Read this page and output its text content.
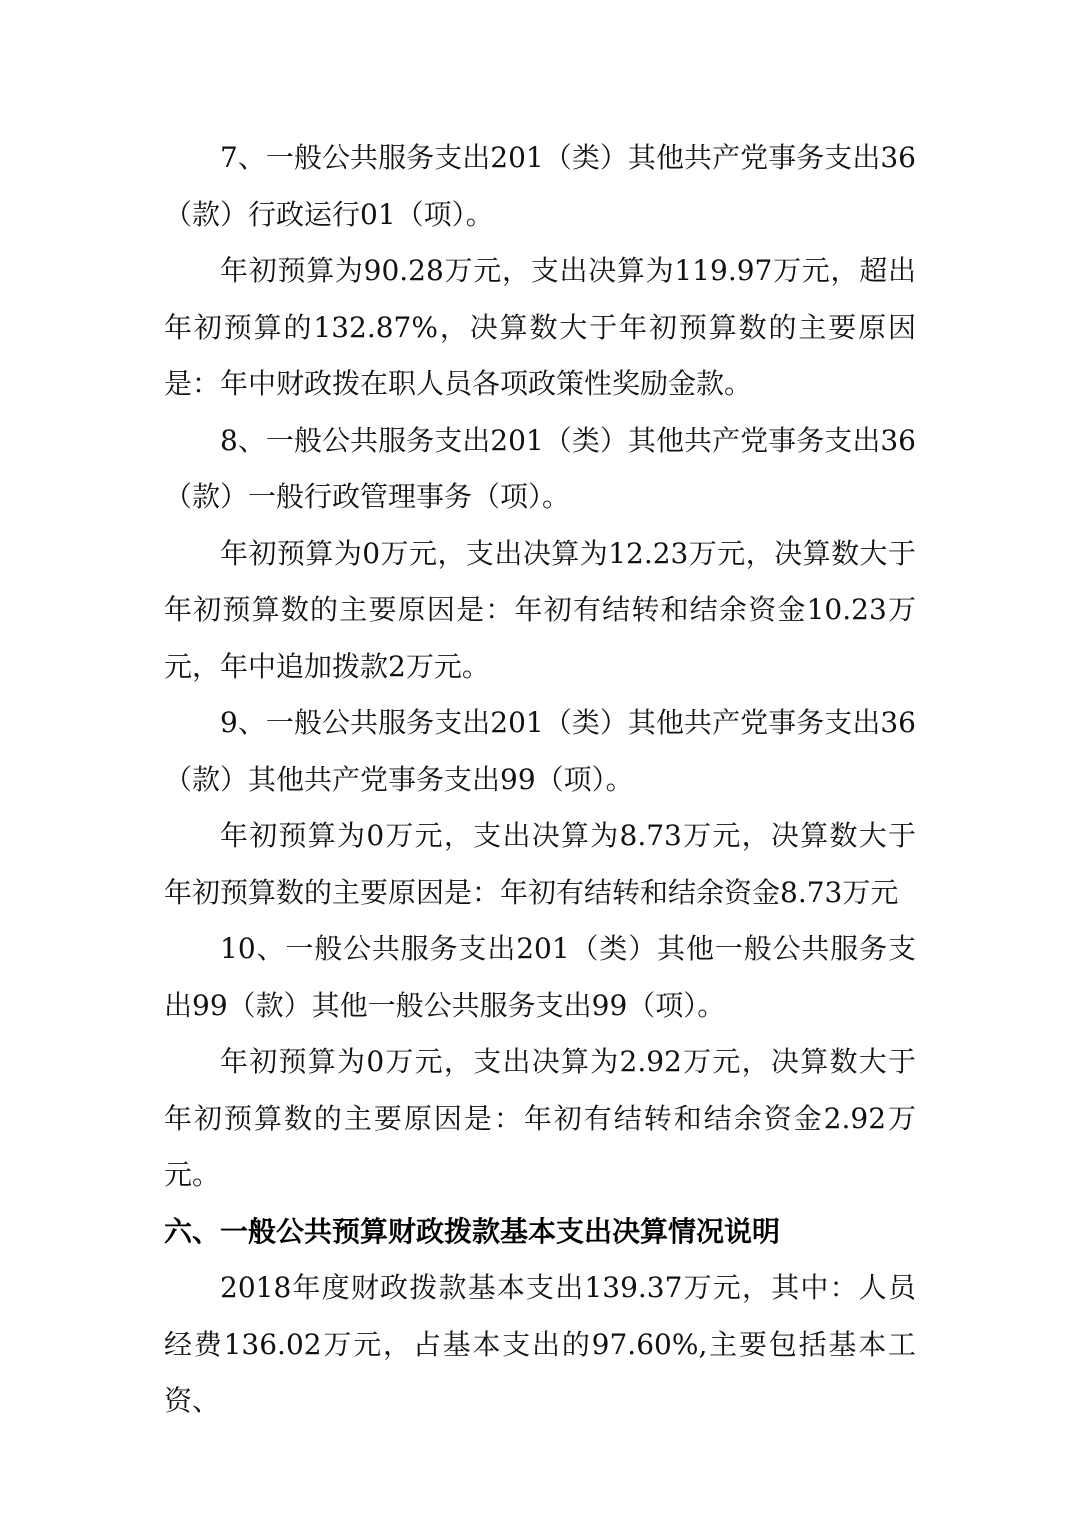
7、一般公共服务支出201（类）其他共产党事务支出36（款）行政运行01（项）。

年初预算为90.28万元，支出决算为119.97万元，超出年初预算的132.87%，决算数大于年初预算数的主要原因是：年中财政拨在职人员各项政策性奖励金款。

8、一般公共服务支出201（类）其他共产党事务支出36（款）一般行政管理事务（项）。

年初预算为0万元，支出决算为12.23万元，决算数大于年初预算数的主要原因是：年初有结转和结余资金10.23万元，年中追加拨款2万元。

9、一般公共服务支出201（类）其他共产党事务支出36（款）其他共产党事务支出99（项）。

年初预算为0万元，支出决算为8.73万元，决算数大于年初预算数的主要原因是：年初有结转和结余资金8.73万元

10、一般公共服务支出201（类）其他一般公共服务支出99（款）其他一般公共服务支出99（项）。

年初预算为0万元，支出决算为2.92万元，决算数大于年初预算数的主要原因是：年初有结转和结余资金2.92万元。

六、一般公共预算财政拨款基本支出决算情况说明

2018年度财政拨款基本支出139.37万元，其中：人员经费136.02万元，占基本支出的97.60%,主要包括基本工资、
